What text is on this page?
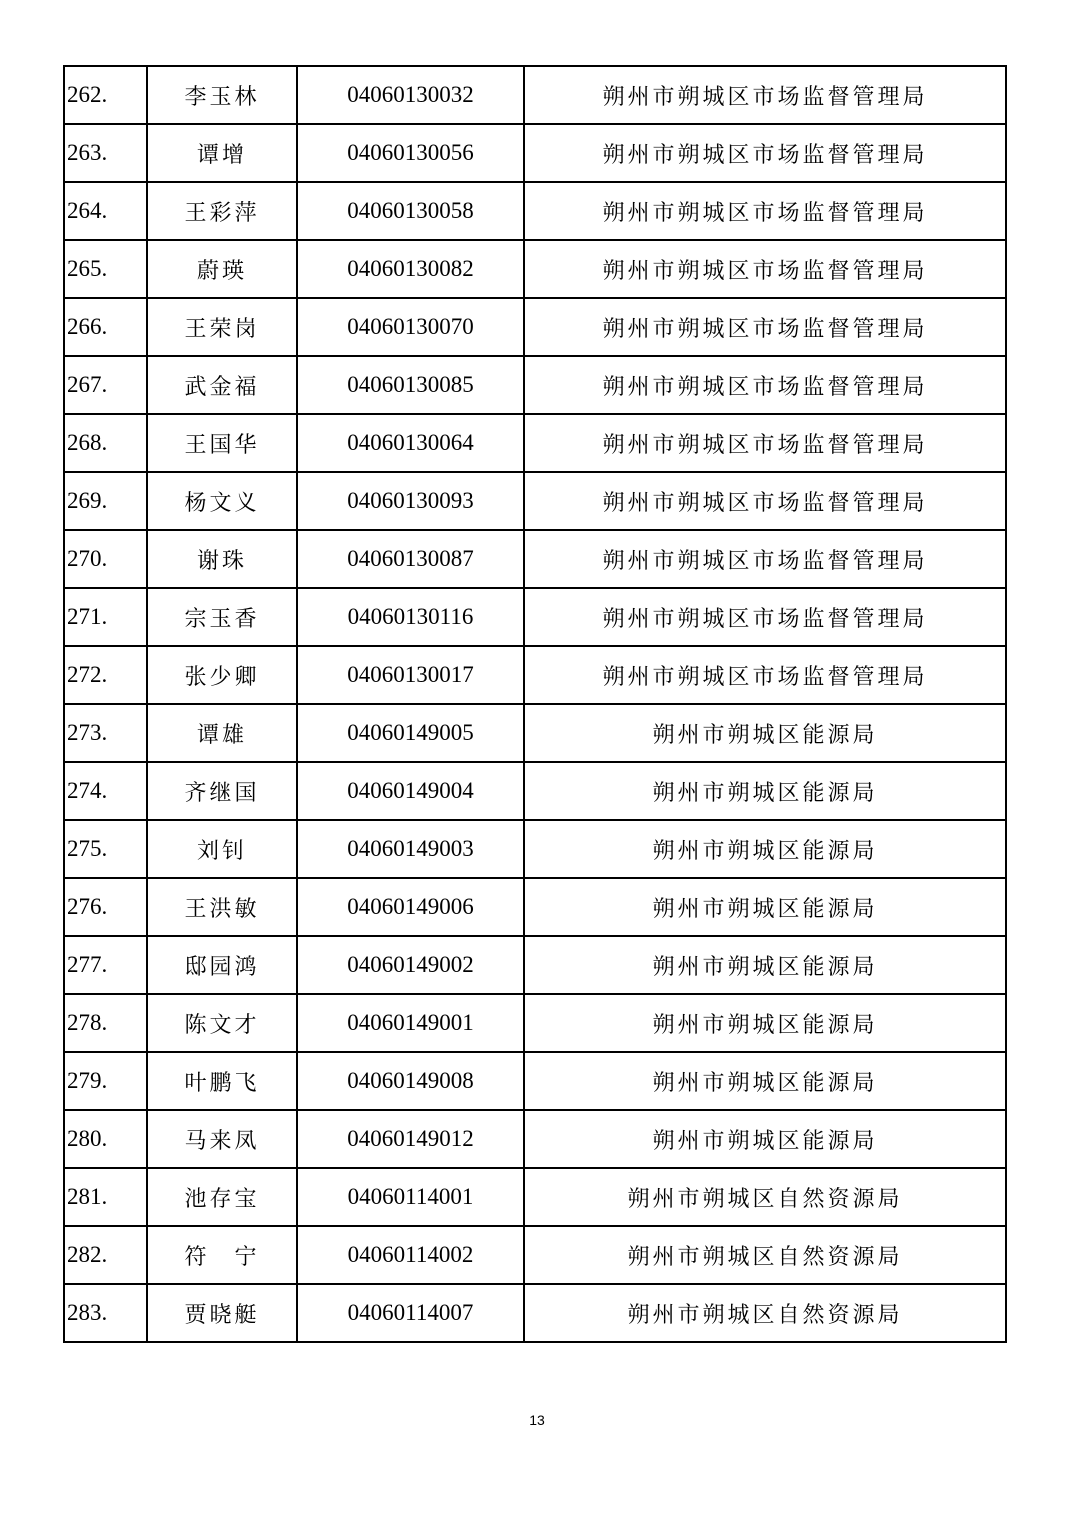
262.	李玉林	04060130032	朔州市朔城区市场监督管理局
263.	谭增	04060130056	朔州市朔城区市场监督管理局
264.	王彩萍	04060130058	朔州市朔城区市场监督管理局
265.	蔚瑛	04060130082	朔州市朔城区市场监督管理局
266.	王荣岗	04060130070	朔州市朔城区市场监督管理局
267.	武金福	04060130085	朔州市朔城区市场监督管理局
268.	王国华	04060130064	朔州市朔城区市场监督管理局
269.	杨文义	04060130093	朔州市朔城区市场监督管理局
270.	谢珠	04060130087	朔州市朔城区市场监督管理局
271.	宗玉香	04060130116	朔州市朔城区市场监督管理局
272.	张少卿	04060130017	朔州市朔城区市场监督管理局
273.	谭雄	04060149005	朔州市朔城区能源局
274.	齐继国	04060149004	朔州市朔城区能源局
275.	刘钊	04060149003	朔州市朔城区能源局
276.	王洪敏	04060149006	朔州市朔城区能源局
277.	邸园鸿	04060149002	朔州市朔城区能源局
278.	陈文才	04060149001	朔州市朔城区能源局
279.	叶鹏飞	04060149008	朔州市朔城区能源局
280.	马来凤	04060149012	朔州市朔城区能源局
281.	池存宝	04060114001	朔州市朔城区自然资源局
282.	符　宁	04060114002	朔州市朔城区自然资源局
283.	贾晓艇	04060114007	朔州市朔城区自然资源局
13
